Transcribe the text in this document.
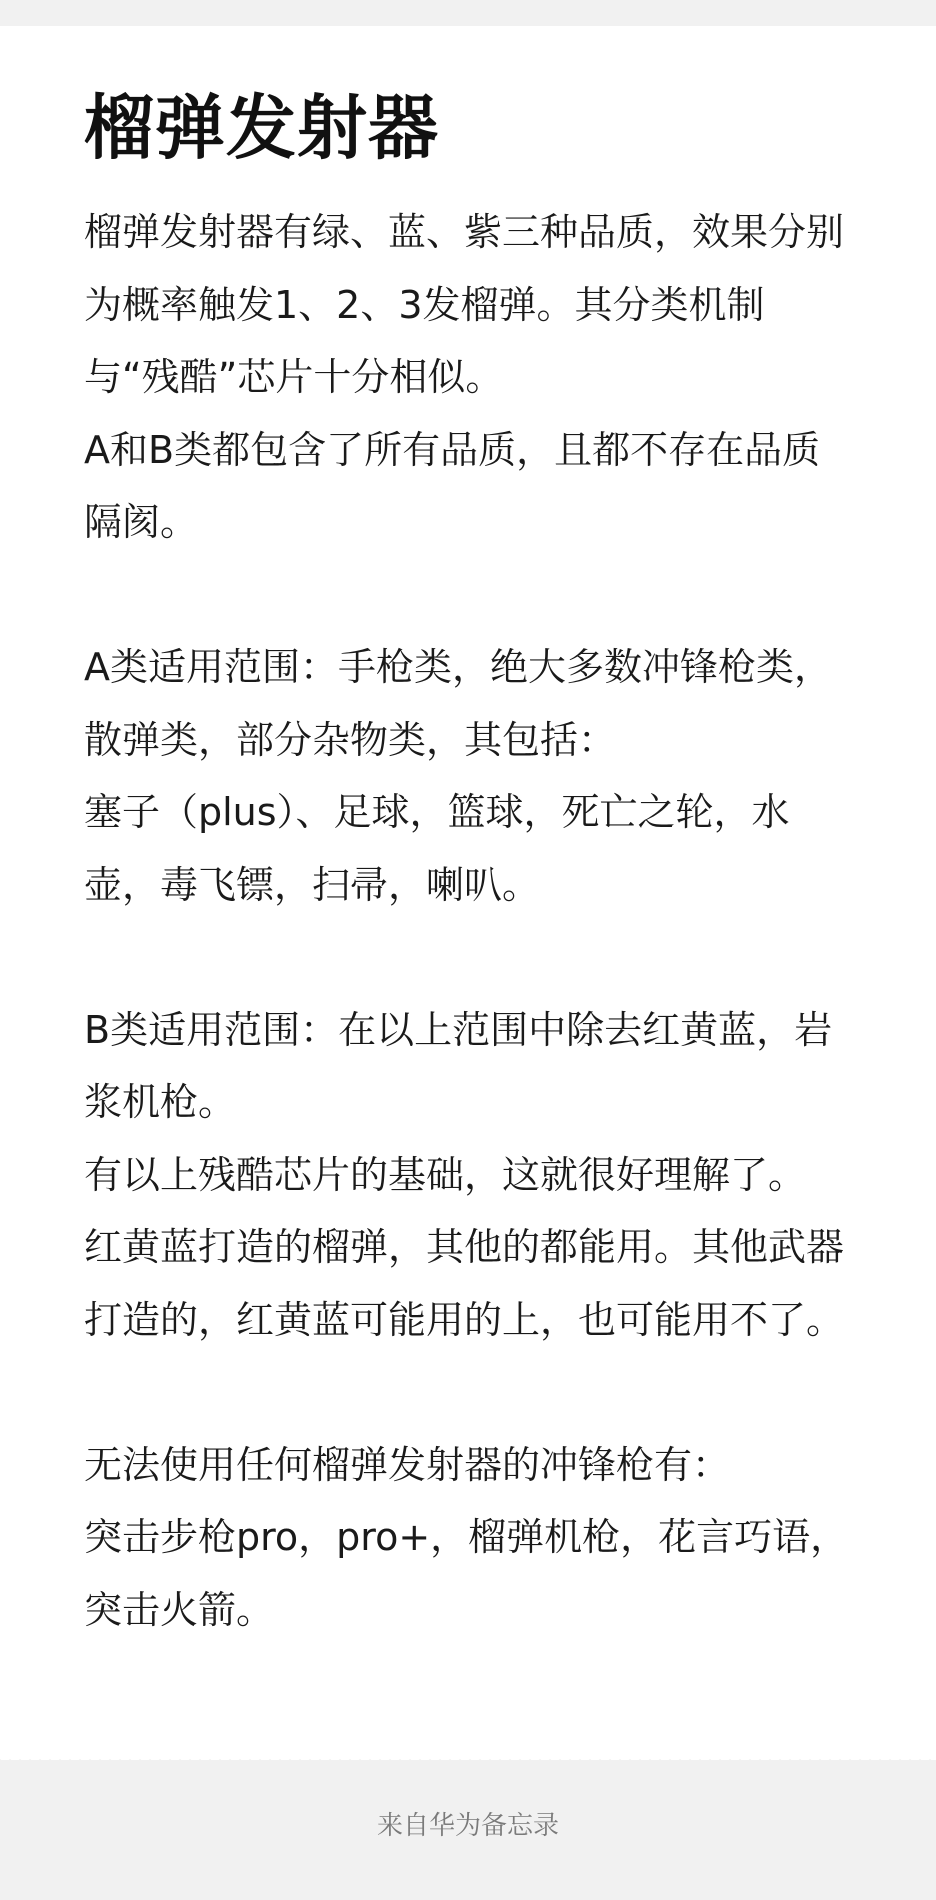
榴弹发射器

榴弹发射器有绿、蓝、紫三种品质，效果分别为概率触发1、2、3发榴弹。其分类机制与“残酷”芯片十分相似。

A和B类都包含了所有品质，且都不存在品质隔阂。

A类适用范围：手枪类，绝大多数冲锋枪类，散弹类，部分杂物类，其包括：

塞子（plus）、足球，篮球，死亡之轮，水壶，毒飞镖，扫帚，喇叭。

B类适用范围：在以上范围中除去红黄蓝，岩浆机枪。

有以上残酷芯片的基础，这就很好理解了。

红黄蓝打造的榴弹，其他的都能用。其他武器打造的，红黄蓝可能用的上，也可能用不了。

无法使用任何榴弹发射器的冲锋枪有：

突击步枪pro，pro+，榴弹机枪，花言巧语，突击火箭。

来自华为备忘录
